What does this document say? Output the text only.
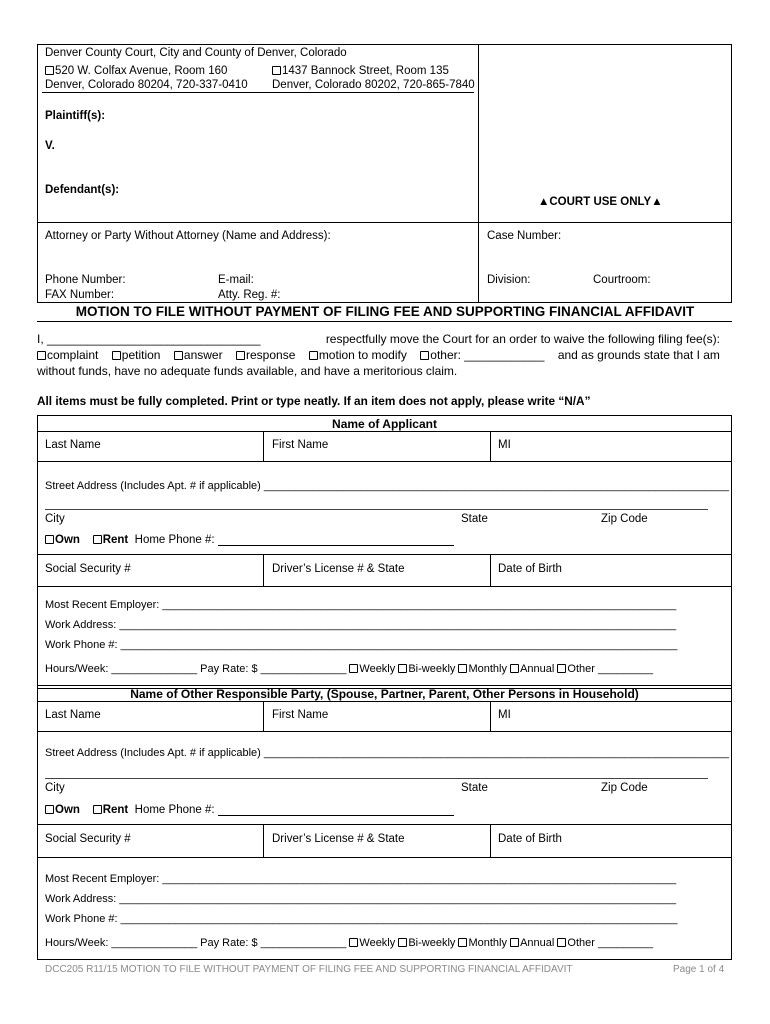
Denver County Court, City and County of Denver, Colorado
520 W. Colfax Avenue, Room 160
Denver, Colorado 80204, 720-337-0410
1437 Bannock Street, Room 135
Denver, Colorado 80202, 720-865-7840
Plaintiff(s):
V.
Defendant(s):
▲COURT USE ONLY▲
Attorney or Party Without Attorney (Name and Address):	Case Number:
Phone Number:	E-mail:
FAX Number:	Atty. Reg. #:
Division:	Courtroom:
MOTION TO FILE WITHOUT PAYMENT OF FILING FEE AND SUPPORTING FINANCIAL AFFIDAVIT
I, ________________________________	respectfully move the Court for an order to waive the following filing fee(s):
complaint	petition	answer	response	motion to modify	other: ____________ and as grounds state that I am
without funds, have no adequate funds available, and have a meritorious claim.
All items must be fully completed. Print or type neatly. If an item does not apply, please write “N/A”
Name of Applicant
Last Name	First Name	MI
Street Address (Includes Apt. # if applicable) ____________________________________________________________________________
City	State	Zip Code
Own Rent Home Phone #:
Social Security #	Driver’s License # & State	Date of Birth
Most Recent Employer: ____________________________________________________________________________________
Work Address: ___________________________________________________________________________________________
Work Phone #: ___________________________________________________________________________________________
Hours/Week: ______________ Pay Rate: $ ______________ Weekly Bi-weekly Monthly Annual Other _________
Name of Other Responsible Party, (Spouse, Partner, Parent, Other Persons in Household)
Last Name	First Name	MI
Street Address (Includes Apt. # if applicable) ____________________________________________________________________________
City	State	Zip Code
Own Rent Home Phone #:
Social Security #	Driver’s License # & State	Date of Birth
Most Recent Employer: ____________________________________________________________________________________
Work Address: ___________________________________________________________________________________________
Work Phone #: ___________________________________________________________________________________________
Hours/Week: ______________ Pay Rate: $ ______________ Weekly Bi-weekly Monthly Annual Other _________
DCC205 R11/15 MOTION TO FILE WITHOUT PAYMENT OF FILING FEE AND SUPPORTING FINANCIAL AFFIDAVIT	Page 1 of 4
